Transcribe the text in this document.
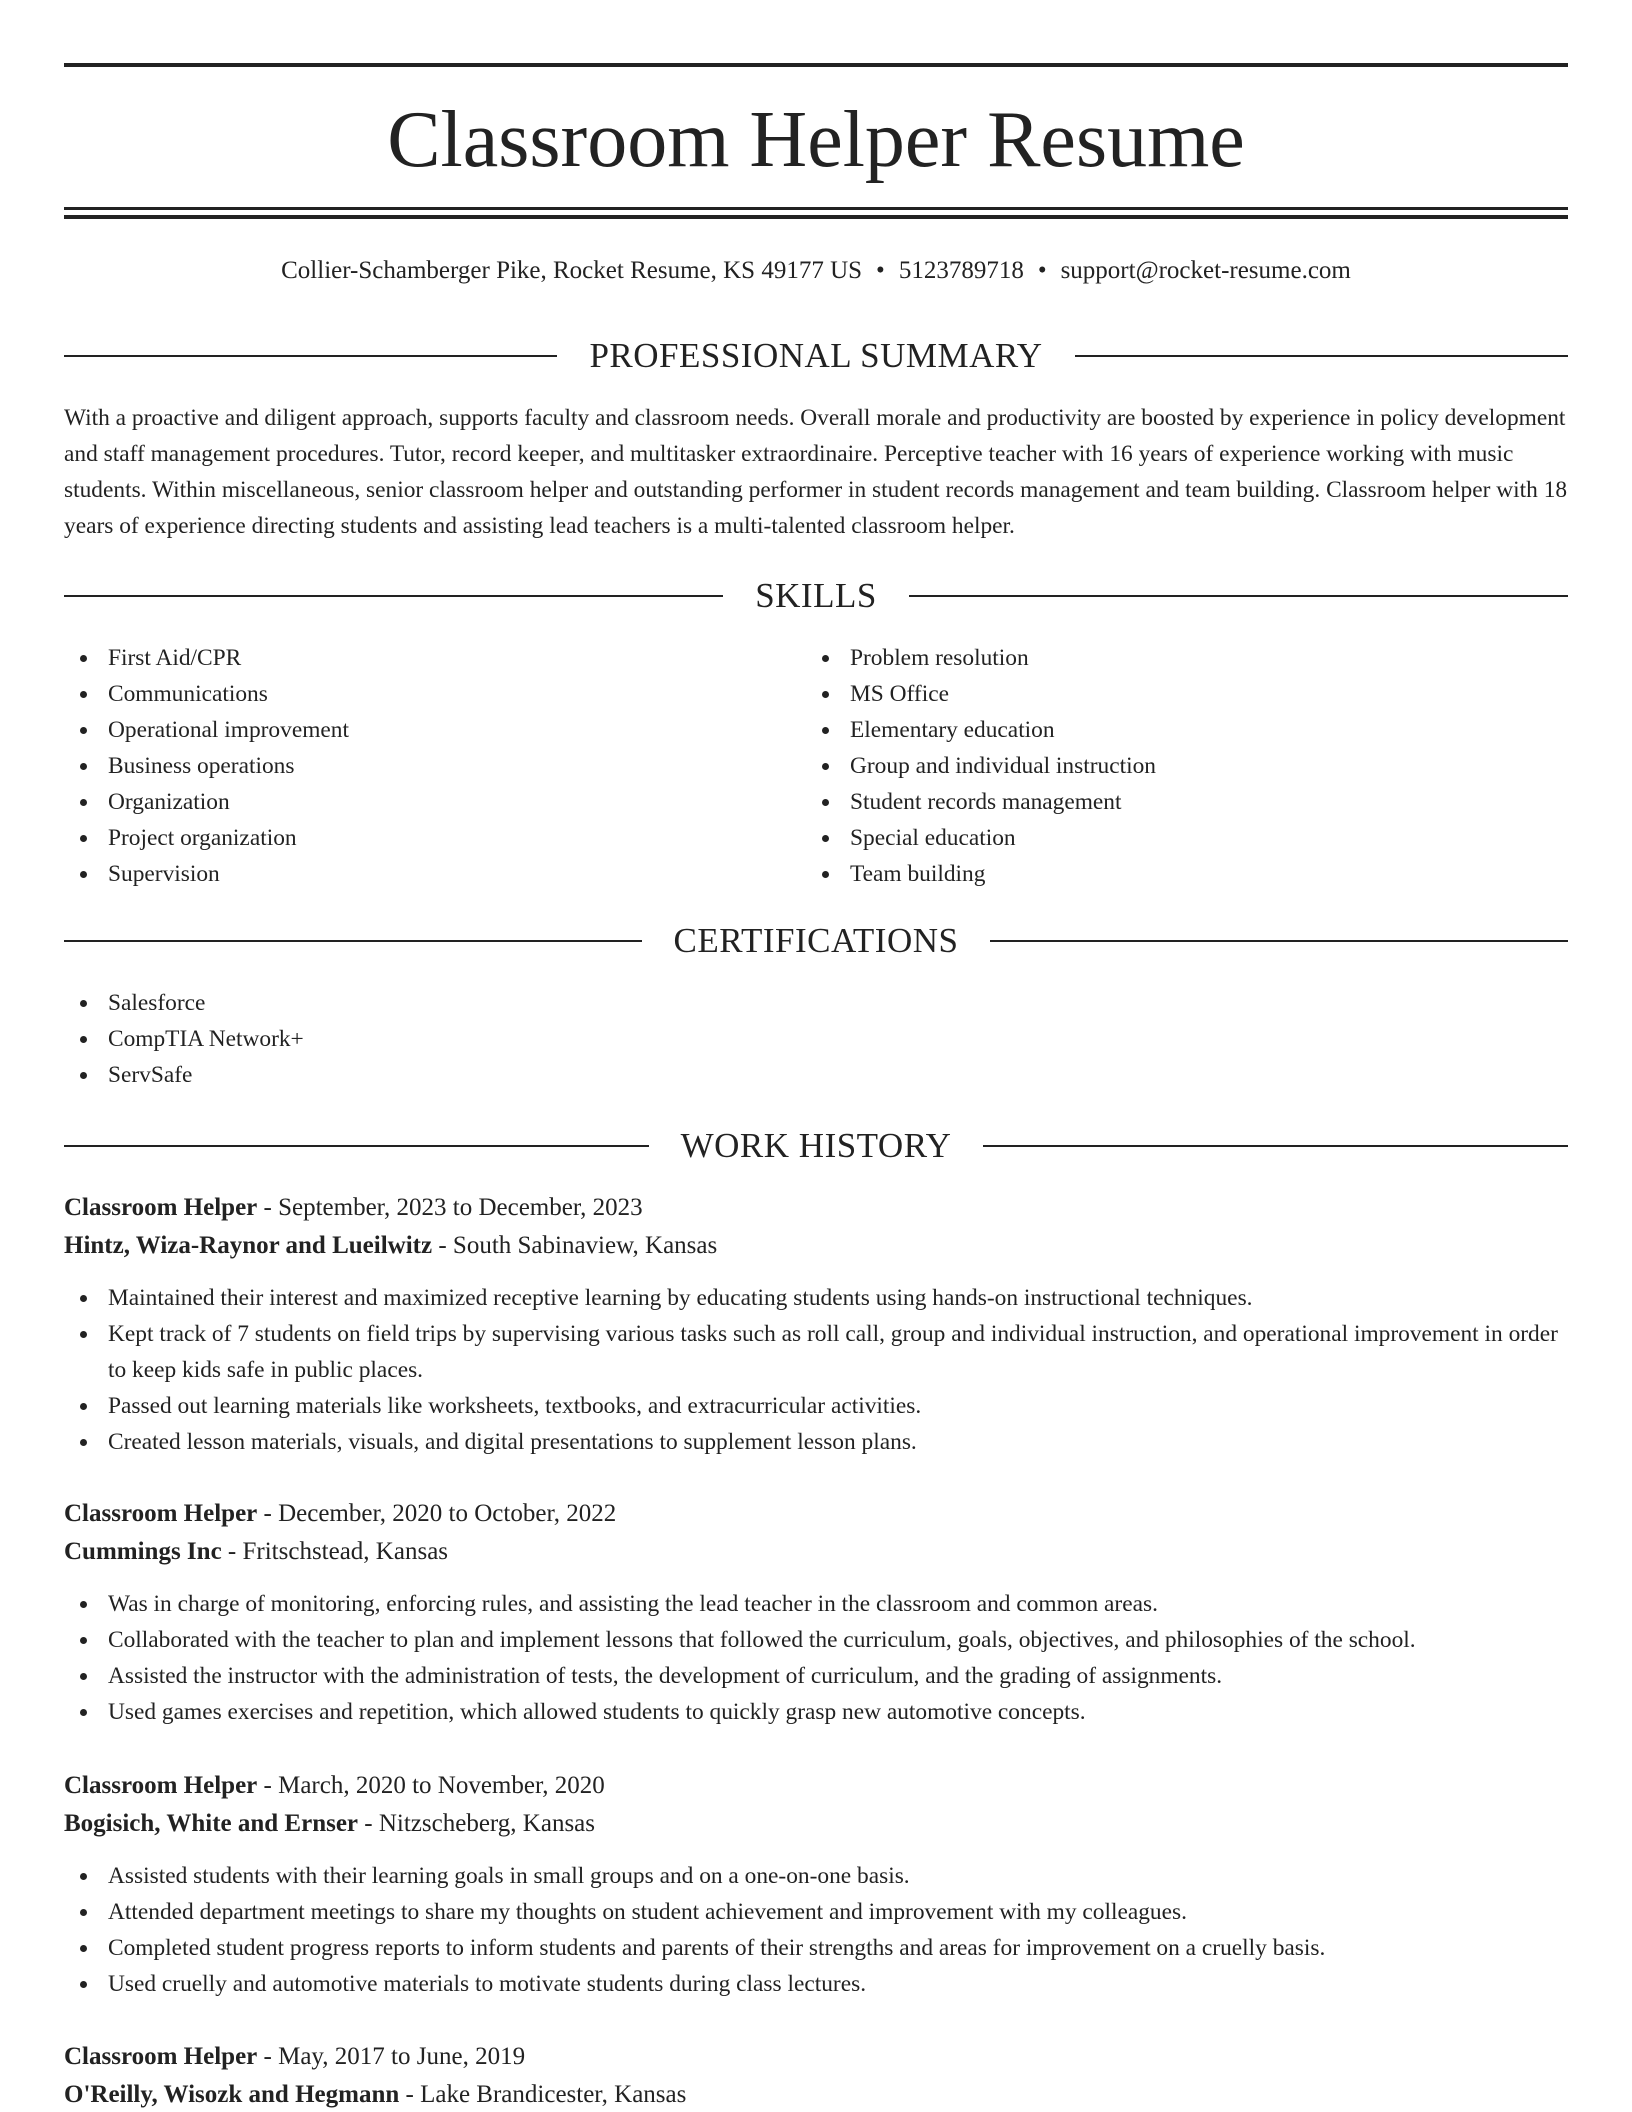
Classroom Helper Resume
Collier-Schamberger Pike, Rocket Resume, KS 49177 US • 5123789718 • support@rocket-resume.com
PROFESSIONAL SUMMARY

With a proactive and diligent approach, supports faculty and classroom needs. Overall morale and productivity are boosted by experience in policy development and staff management procedures. Tutor, record keeper, and multitasker extraordinaire. Perceptive teacher with 16 years of experience working with music students. Within miscellaneous, senior classroom helper and outstanding performer in student records management and team building. Classroom helper with 18 years of experience directing students and assisting lead teachers is a multi-talented classroom helper.

SKILLS
First Aid/CPR
Communications
Operational improvement
Business operations
Organization
Project organization
Supervision
Problem resolution
MS Office
Elementary education
Group and individual instruction
Student records management
Special education
Team building
CERTIFICATIONS
Salesforce
CompTIA Network+
ServSafe
WORK HISTORY
Classroom Helper - September, 2023 to December, 2023
Hintz, Wiza-Raynor and Lueilwitz - South Sabinaview, Kansas
Maintained their interest and maximized receptive learning by educating students using hands-on instructional techniques.
Kept track of 7 students on field trips by supervising various tasks such as roll call, group and individual instruction, and operational improvement in order to keep kids safe in public places.
Passed out learning materials like worksheets, textbooks, and extracurricular activities.
Created lesson materials, visuals, and digital presentations to supplement lesson plans.
Classroom Helper - December, 2020 to October, 2022
Cummings Inc - Fritschstead, Kansas
Was in charge of monitoring, enforcing rules, and assisting the lead teacher in the classroom and common areas.
Collaborated with the teacher to plan and implement lessons that followed the curriculum, goals, objectives, and philosophies of the school.
Assisted the instructor with the administration of tests, the development of curriculum, and the grading of assignments.
Used games exercises and repetition, which allowed students to quickly grasp new automotive concepts.
Classroom Helper - March, 2020 to November, 2020
Bogisich, White and Ernser - Nitzscheberg, Kansas
Assisted students with their learning goals in small groups and on a one-on-one basis.
Attended department meetings to share my thoughts on student achievement and improvement with my colleagues.
Completed student progress reports to inform students and parents of their strengths and areas for improvement on a cruelly basis.
Used cruelly and automotive materials to motivate students during class lectures.
Classroom Helper - May, 2017 to June, 2019
O'Reilly, Wisozk and Hegmann - Lake Brandicester, Kansas
